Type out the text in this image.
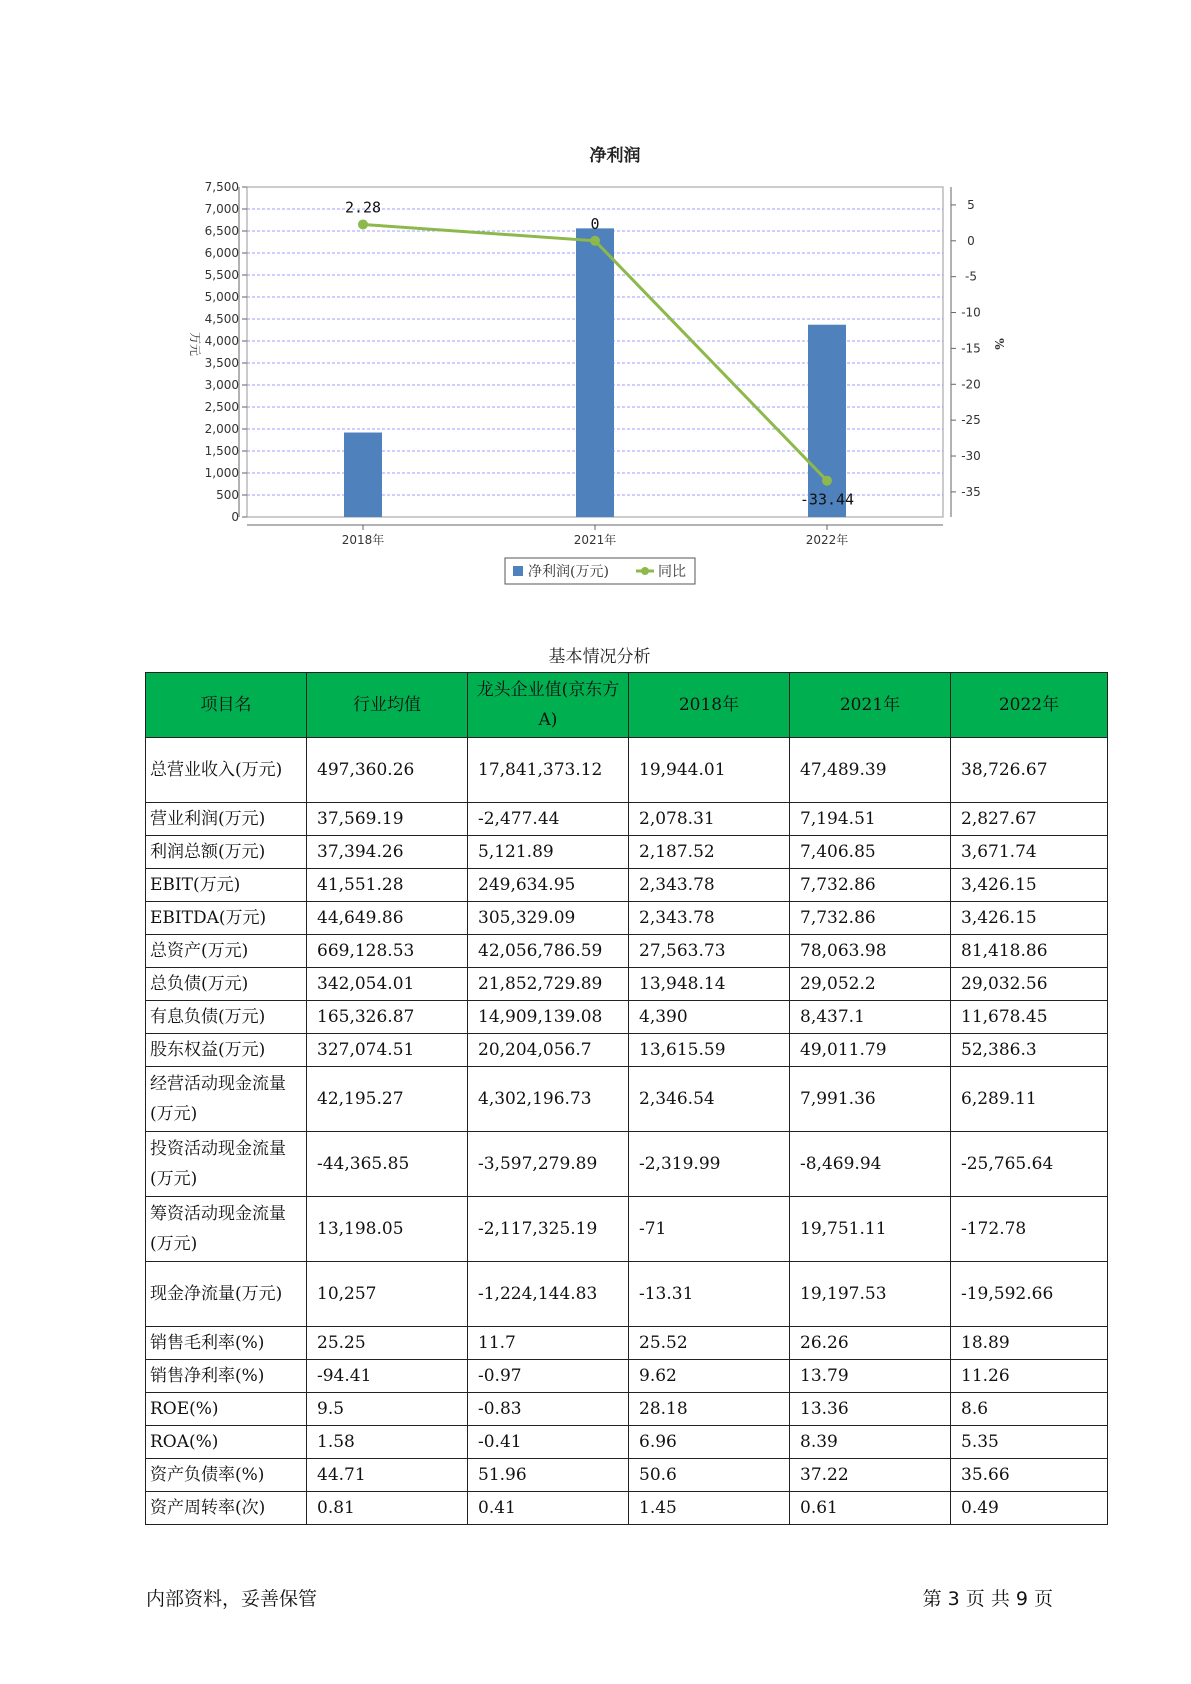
净利润
0
500
1,000
1,500
2,000
2,500
3,000
3,500
4,000
4,500
5,000
5,500
6,000
6,500
7,000
7,500
5
0
-5
-10
-15
-20
-25
-30
-35
2018年	2021年	2022年
万元	%
2.28
0
-33.44
净利润(万元)	同比
基本情况分析
项目名	行业均值	龙头企业值(京东方A)	2018年	2021年	2022年
总营业收入(万元)	497,360.26	17,841,373.12	19,944.01	47,489.39	38,726.67
营业利润(万元)	37,569.19	-2,477.44	2,078.31	7,194.51	2,827.67
利润总额(万元)	37,394.26	5,121.89	2,187.52	7,406.85	3,671.74
EBIT(万元)	41,551.28	249,634.95	2,343.78	7,732.86	3,426.15
EBITDA(万元)	44,649.86	305,329.09	2,343.78	7,732.86	3,426.15
总资产(万元)	669,128.53	42,056,786.59	27,563.73	78,063.98	81,418.86
总负债(万元)	342,054.01	21,852,729.89	13,948.14	29,052.2	29,032.56
有息负债(万元)	165,326.87	14,909,139.08	4,390	8,437.1	11,678.45
股东权益(万元)	327,074.51	20,204,056.7	13,615.59	49,011.79	52,386.3
经营活动现金流量(万元)	42,195.27	4,302,196.73	2,346.54	7,991.36	6,289.11
投资活动现金流量(万元)	-44,365.85	-3,597,279.89	-2,319.99	-8,469.94	-25,765.64
筹资活动现金流量(万元)	13,198.05	-2,117,325.19	-71	19,751.11	-172.78
现金净流量(万元)	10,257	-1,224,144.83	-13.31	19,197.53	-19,592.66
销售毛利率(%)	25.25	11.7	25.52	26.26	18.89
销售净利率(%)	-94.41	-0.97	9.62	13.79	11.26
ROE(%)	9.5	-0.83	28.18	13.36	8.6
ROA(%)	1.58	-0.41	6.96	8.39	5.35
资产负债率(%)	44.71	51.96	50.6	37.22	35.66
资产周转率(次)	0.81	0.41	1.45	0.61	0.49
内部资料，妥善保管	第 3 页 共 9 页
